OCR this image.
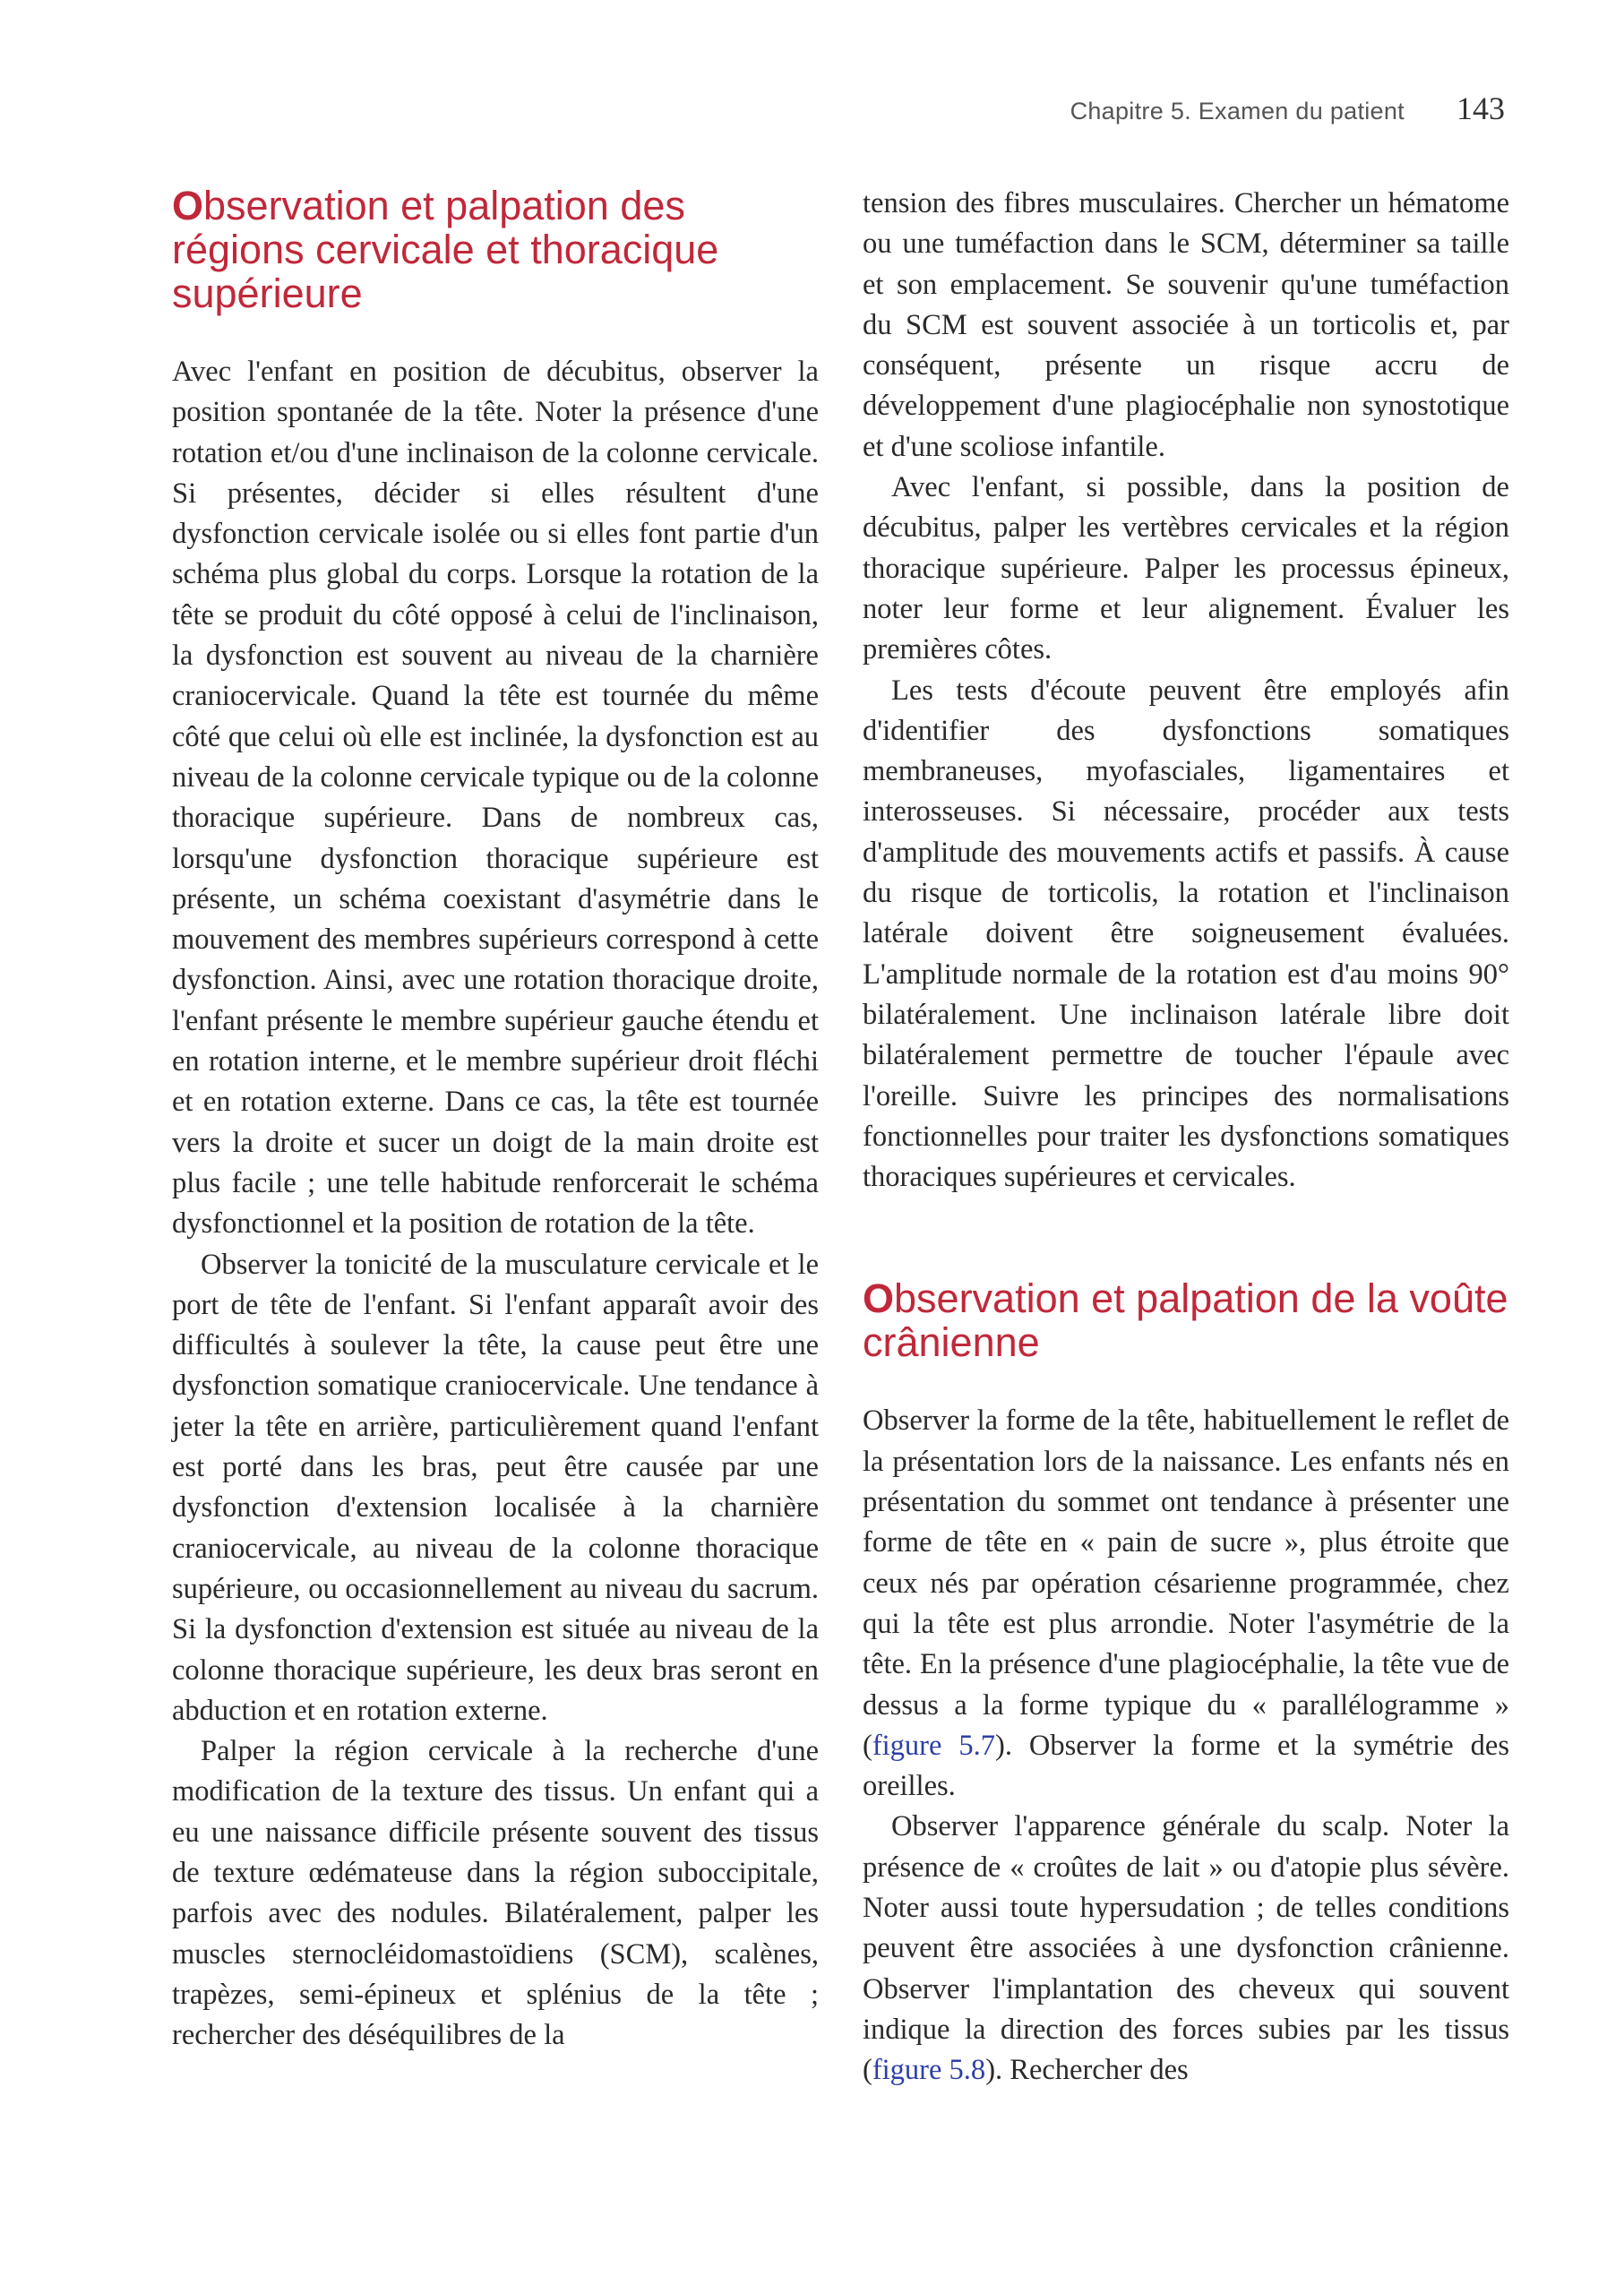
Chapitre 5. Examen du patient 143
Observation et palpation des régions cervicale et thoracique supérieure

Avec l'enfant en position de décubitus, observer la position spontanée de la tête. Noter la présence d'une rotation et/ou d'une inclinaison de la colonne cervicale. Si présentes, décider si elles résultent d'une dysfonction cervicale isolée ou si elles font partie d'un schéma plus global du corps. Lorsque la rotation de la tête se produit du côté opposé à celui de l'inclinaison, la dysfonction est souvent au niveau de la charnière craniocervicale. Quand la tête est tournée du même côté que celui où elle est inclinée, la dysfonction est au niveau de la colonne cervicale typique ou de la colonne thoracique supérieure. Dans de nombreux cas, lorsqu'une dysfonction thoracique supérieure est présente, un schéma coexistant d'asymétrie dans le mouvement des membres supérieurs correspond à cette dysfonction. Ainsi, avec une rotation thoracique droite, l'enfant présente le membre supérieur gauche étendu et en rotation interne, et le membre supérieur droit fléchi et en rotation externe. Dans ce cas, la tête est tournée vers la droite et sucer un doigt de la main droite est plus facile ; une telle habitude renforcerait le schéma dysfonctionnel et la position de rotation de la tête.

Observer la tonicité de la musculature cervicale et le port de tête de l'enfant. Si l'enfant apparaît avoir des difficultés à soulever la tête, la cause peut être une dysfonction somatique craniocervicale. Une tendance à jeter la tête en arrière, particulièrement quand l'enfant est porté dans les bras, peut être causée par une dysfonction d'extension localisée à la charnière craniocervicale, au niveau de la colonne thoracique supérieure, ou occasionnellement au niveau du sacrum. Si la dysfonction d'extension est située au niveau de la colonne thoracique supérieure, les deux bras seront en abduction et en rotation externe.

Palper la région cervicale à la recherche d'une modification de la texture des tissus. Un enfant qui a eu une naissance difficile présente souvent des tissus de texture œdémateuse dans la région suboccipitale, parfois avec des nodules. Bilatéralement, palper les muscles sternocléidomastoïdiens (SCM), scalènes, trapèzes, semi-épineux et splénius de la tête ; rechercher des déséquilibres de la

tension des fibres musculaires. Chercher un hématome ou une tuméfaction dans le SCM, déterminer sa taille et son emplacement. Se souvenir qu'une tuméfaction du SCM est souvent associée à un torticolis et, par conséquent, présente un risque accru de développement d'une plagiocéphalie non synostotique et d'une scoliose infantile.

Avec l'enfant, si possible, dans la position de décubitus, palper les vertèbres cervicales et la région thoracique supérieure. Palper les processus épineux, noter leur forme et leur alignement. Évaluer les premières côtes.

Les tests d'écoute peuvent être employés afin d'identifier des dysfonctions somatiques membraneuses, myofasciales, ligamentaires et interosseuses. Si nécessaire, procéder aux tests d'amplitude des mouvements actifs et passifs. À cause du risque de torticolis, la rotation et l'inclinaison latérale doivent être soigneusement évaluées. L'amplitude normale de la rotation est d'au moins 90° bilatéralement. Une inclinaison latérale libre doit bilatéralement permettre de toucher l'épaule avec l'oreille. Suivre les principes des normalisations fonctionnelles pour traiter les dysfonctions somatiques thoraciques supérieures et cervicales.

Observation et palpation de la voûte crânienne

Observer la forme de la tête, habituellement le reflet de la présentation lors de la naissance. Les enfants nés en présentation du sommet ont tendance à présenter une forme de tête en « pain de sucre », plus étroite que ceux nés par opération césarienne programmée, chez qui la tête est plus arrondie. Noter l'asymétrie de la tête. En la présence d'une plagiocéphalie, la tête vue de dessus a la forme typique du « parallélogramme » (figure 5.7). Observer la forme et la symétrie des oreilles.

Observer l'apparence générale du scalp. Noter la présence de « croûtes de lait » ou d'atopie plus sévère. Noter aussi toute hypersudation ; de telles conditions peuvent être associées à une dysfonction crânienne. Observer l'implantation des cheveux qui souvent indique la direction des forces subies par les tissus (figure 5.8). Rechercher des
